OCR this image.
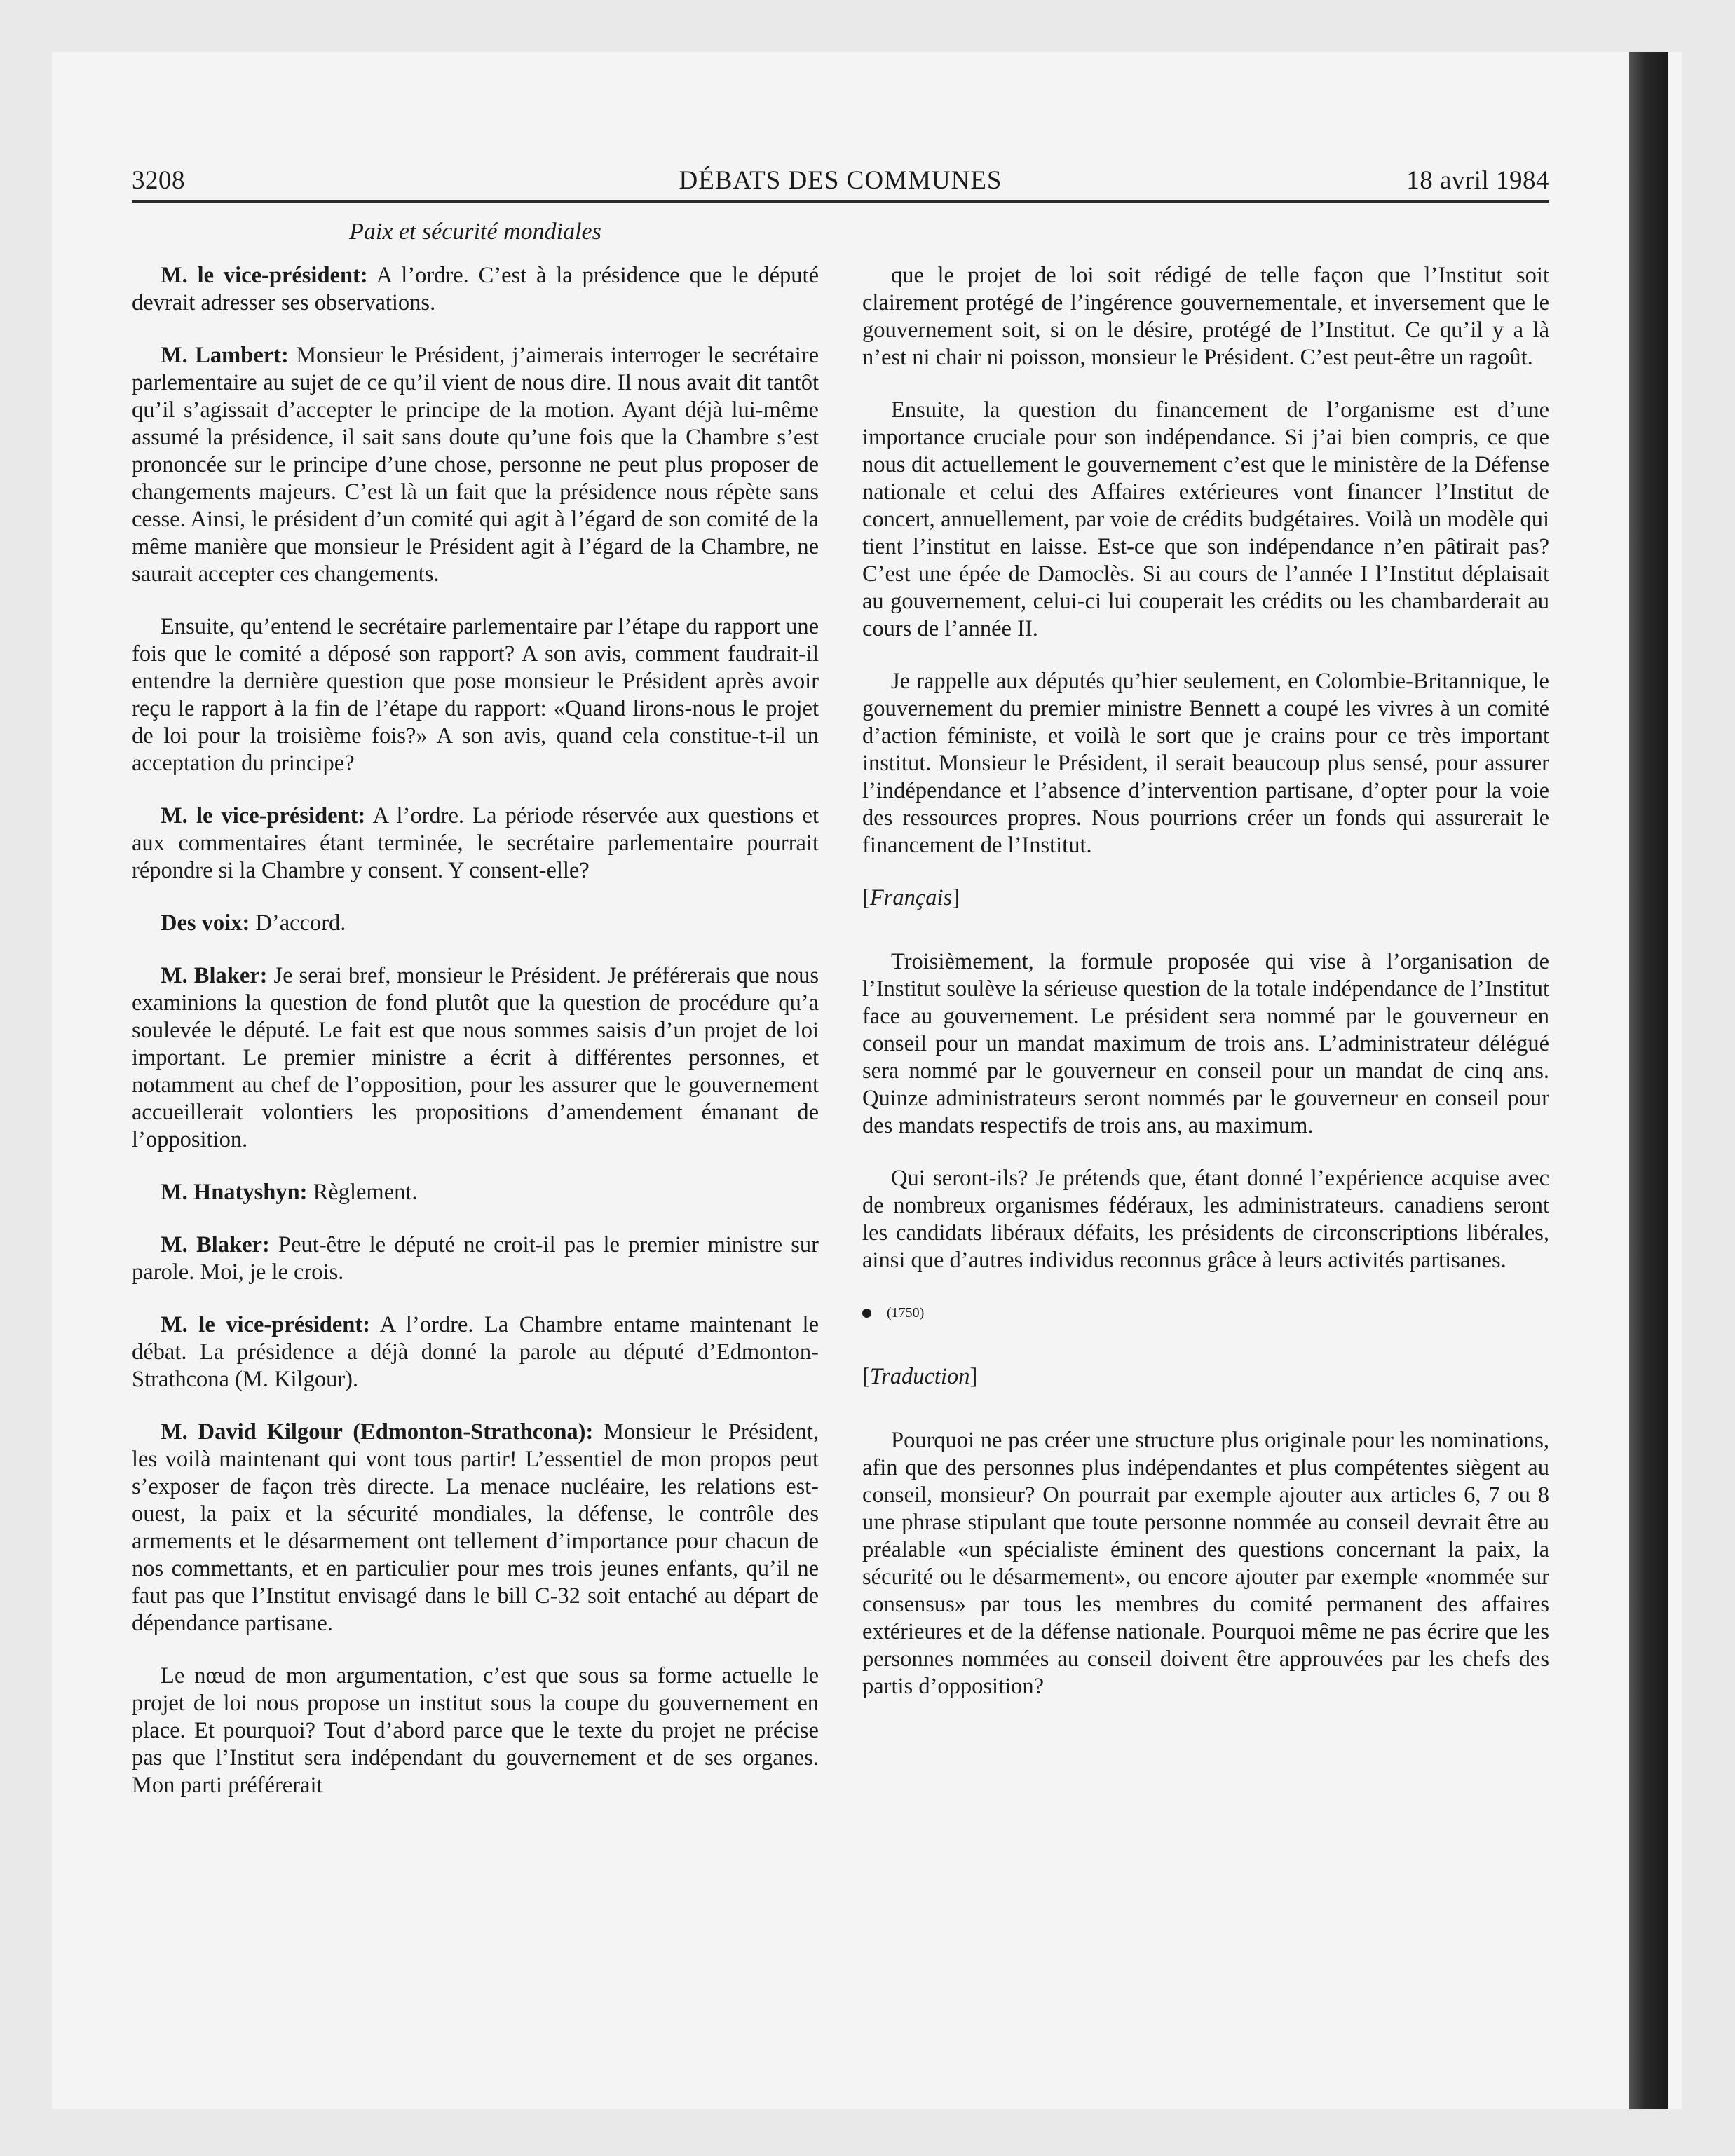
3208	DÉBATS DES COMMUNES	18 avril 1984
Paix et sécurité mondiales

M. le vice-président: A l’ordre. C’est à la présidence que le député devrait adresser ses observations.

M. Lambert: Monsieur le Président, j’aimerais interroger le secrétaire parlementaire au sujet de ce qu’il vient de nous dire. Il nous avait dit tantôt qu’il s’agissait d’accepter le principe de la motion. Ayant déjà lui-même assumé la présidence, il sait sans doute qu’une fois que la Chambre s’est prononcée sur le principe d’une chose, personne ne peut plus proposer de changements majeurs. C’est là un fait que la présidence nous répète sans cesse. Ainsi, le président d’un comité qui agit à l’égard de son comité de la même manière que monsieur le Président agit à l’égard de la Chambre, ne saurait accepter ces changements.

Ensuite, qu’entend le secrétaire parlementaire par l’étape du rapport une fois que le comité a déposé son rapport? A son avis, comment faudrait-il entendre la dernière question que pose monsieur le Président après avoir reçu le rapport à la fin de l’étape du rapport: «Quand lirons-nous le projet de loi pour la troisième fois?» A son avis, quand cela constitue-t-il un acceptation du principe?

M. le vice-président: A l’ordre. La période réservée aux questions et aux commentaires étant terminée, le secrétaire parlementaire pourrait répondre si la Chambre y consent. Y consent-elle?

Des voix: D’accord.

M. Blaker: Je serai bref, monsieur le Président. Je préférerais que nous examinions la question de fond plutôt que la question de procédure qu’a soulevée le député. Le fait est que nous sommes saisis d’un projet de loi important. Le premier ministre a écrit à différentes personnes, et notamment au chef de l’opposition, pour les assurer que le gouvernement accueillerait volontiers les propositions d’amendement émanant de l’opposition.

M. Hnatyshyn: Règlement.

M. Blaker: Peut-être le député ne croit-il pas le premier ministre sur parole. Moi, je le crois.

M. le vice-président: A l’ordre. La Chambre entame maintenant le débat. La présidence a déjà donné la parole au député d’Edmonton-Strathcona (M. Kilgour).

M. David Kilgour (Edmonton-Strathcona): Monsieur le Président, les voilà maintenant qui vont tous partir! L’essentiel de mon propos peut s’exposer de façon très directe. La menace nucléaire, les relations est-ouest, la paix et la sécurité mondiales, la défense, le contrôle des armements et le désarmement ont tellement d’importance pour chacun de nos commettants, et en particulier pour mes trois jeunes enfants, qu’il ne faut pas que l’Institut envisagé dans le bill C-32 soit entaché au départ de dépendance partisane.

Le nœud de mon argumentation, c’est que sous sa forme actuelle le projet de loi nous propose un institut sous la coupe du gouvernement en place. Et pourquoi? Tout d’abord parce que le texte du projet ne précise pas que l’Institut sera indépendant du gouvernement et de ses organes. Mon parti préférerait

que le projet de loi soit rédigé de telle façon que l’Institut soit clairement protégé de l’ingérence gouvernementale, et inversement que le gouvernement soit, si on le désire, protégé de l’Institut. Ce qu’il y a là n’est ni chair ni poisson, monsieur le Président. C’est peut-être un ragoût.

Ensuite, la question du financement de l’organisme est d’une importance cruciale pour son indépendance. Si j’ai bien compris, ce que nous dit actuellement le gouvernement c’est que le ministère de la Défense nationale et celui des Affaires extérieures vont financer l’Institut de concert, annuellement, par voie de crédits budgétaires. Voilà un modèle qui tient l’institut en laisse. Est-ce que son indépendance n’en pâtirait pas? C’est une épée de Damoclès. Si au cours de l’année I l’Institut déplaisait au gouvernement, celui-ci lui couperait les crédits ou les chambarderait au cours de l’année II.

Je rappelle aux députés qu’hier seulement, en Colombie-Britannique, le gouvernement du premier ministre Bennett a coupé les vivres à un comité d’action féministe, et voilà le sort que je crains pour ce très important institut. Monsieur le Président, il serait beaucoup plus sensé, pour assurer l’indépendance et l’absence d’intervention partisane, d’opter pour la voie des ressources propres. Nous pourrions créer un fonds qui assurerait le financement de l’Institut.

[Français]

Troisièmement, la formule proposée qui vise à l’organisation de l’Institut soulève la sérieuse question de la totale indépendance de l’Institut face au gouvernement. Le président sera nommé par le gouverneur en conseil pour un mandat maximum de trois ans. L’administrateur délégué sera nommé par le gouverneur en conseil pour un mandat de cinq ans. Quinze administrateurs seront nommés par le gouverneur en conseil pour des mandats respectifs de trois ans, au maximum.

Qui seront-ils? Je prétends que, étant donné l’expérience acquise avec de nombreux organismes fédéraux, les administrateurs. canadiens seront les candidats libéraux défaits, les présidents de circonscriptions libérales, ainsi que d’autres individus reconnus grâce à leurs activités partisanes.

(1750)

[Traduction]

Pourquoi ne pas créer une structure plus originale pour les nominations, afin que des personnes plus indépendantes et plus compétentes siègent au conseil, monsieur? On pourrait par exemple ajouter aux articles 6, 7 ou 8 une phrase stipulant que toute personne nommée au conseil devrait être au préalable «un spécialiste éminent des questions concernant la paix, la sécurité ou le désarmement», ou encore ajouter par exemple «nommée sur consensus» par tous les membres du comité permanent des affaires extérieures et de la défense nationale. Pourquoi même ne pas écrire que les personnes nommées au conseil doivent être approuvées par les chefs des partis d’opposition?
